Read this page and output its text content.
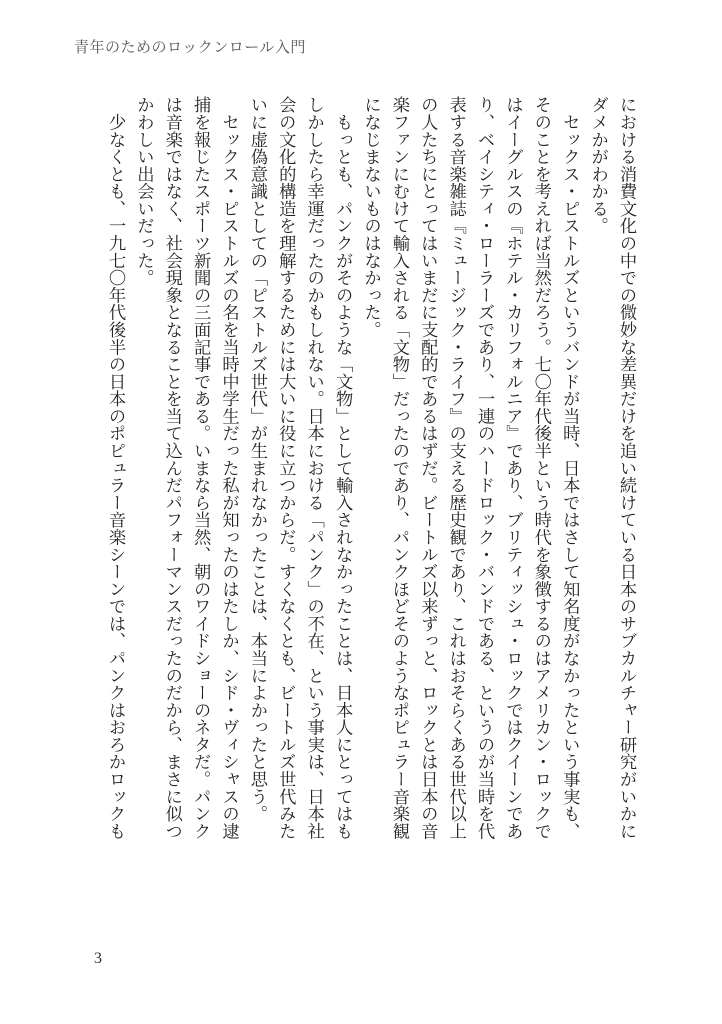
青年のためのロックンロール入門
における消費文化の中での微妙な差異だけを追い続けている日本のサブカルチャー研究がいかに
ダメかがわかる。
　セックス・ピストルズというバンドが当時、日本ではさして知名度がなかったという事実も、
そのことを考えれば当然だろう。七〇年代後半という時代を象徴するのはアメリカン・ロックで
はイーグルスの『ホテル・カリフォルニア』であり、ブリティッシュ・ロックではクイーンであ
り、ベイシティ・ローラーズであり、一連のハードロック・バンドである、というのが当時を代
表する音楽雑誌『ミュージック・ライフ』の支える歴史観であり、これはおそらくある世代以上
の人たちにとってはいまだに支配的であるはずだ。ビートルズ以来ずっと、ロックとは日本の音
楽ファンにむけて輸入される「文物」だったのであり、パンクほどそのようなポピュラー音楽観
になじまないものはなかった。
　もっとも、パンクがそのような「文物」として輸入されなかったことは、日本人にとってはも
しかしたら幸運だったのかもしれない。日本における「パンク」の不在、という事実は、日本社
会の文化的構造を理解するためには大いに役に立つからだ。すくなくとも、ビートルズ世代みた
いに虚偽意識としての「ピストルズ世代」が生まれなかったことは、本当によかったと思う。
　セックス・ピストルズの名を当時中学生だった私が知ったのはたしか、シド・ヴィシャスの逮
捕を報じたスポーツ新聞の三面記事である。いまなら当然、朝のワイドショーのネタだ。パンク
は音楽ではなく、社会現象となることを当て込んだパフォーマンスだったのだから、まさに似つ
かわしい出会いだった。
　少なくとも、一九七〇年代後半の日本のポピュラー音楽シーンでは、パンクはおろかロックも
3
